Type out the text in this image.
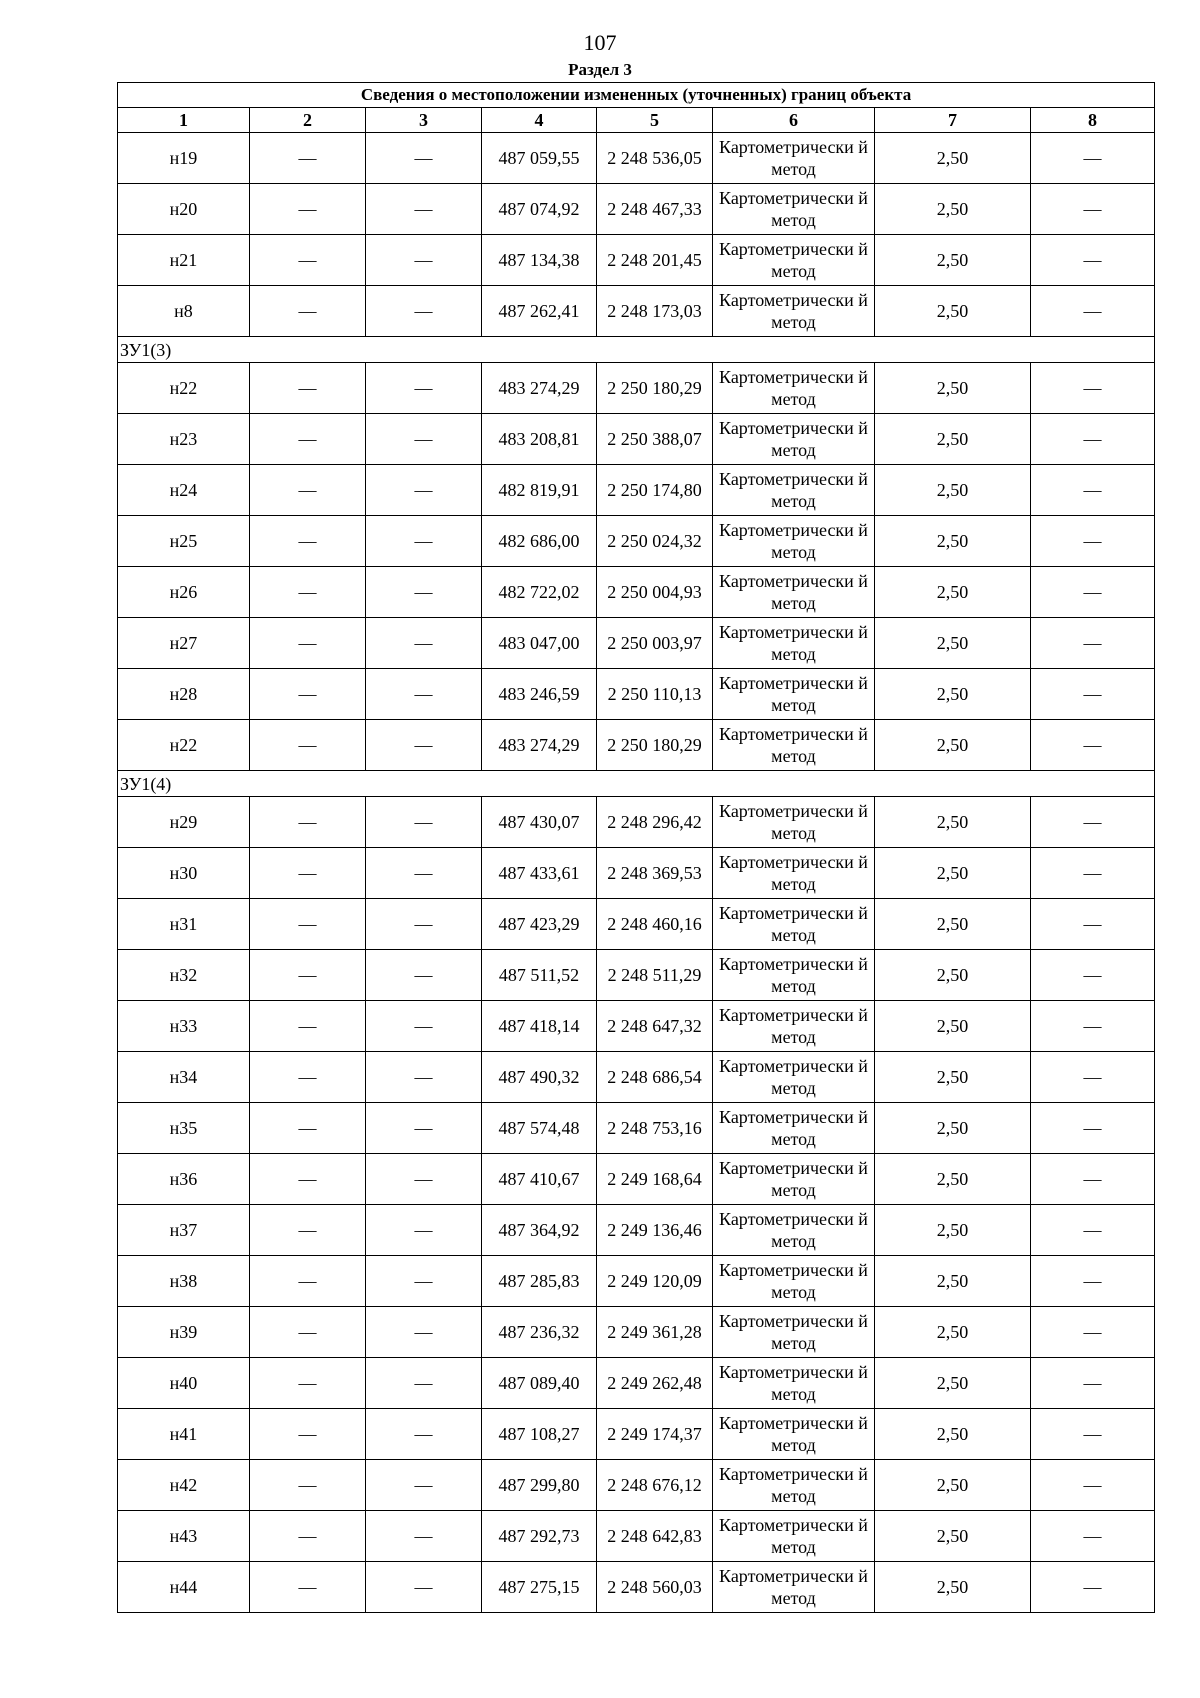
107
Раздел 3
Сведения о местоположении измененных (уточненных) границ объекта							
1	2	3	4	5	6	7	8
н19	—	—	487 059,55	2 248 536,05	Картометрически й метод	2,50	—
н20	—	—	487 074,92	2 248 467,33	Картометрически й метод	2,50	—
н21	—	—	487 134,38	2 248 201,45	Картометрически й метод	2,50	—
н8	—	—	487 262,41	2 248 173,03	Картометрически й метод	2,50	—
ЗУ1(3)							
н22	—	—	483 274,29	2 250 180,29	Картометрически й метод	2,50	—
н23	—	—	483 208,81	2 250 388,07	Картометрически й метод	2,50	—
н24	—	—	482 819,91	2 250 174,80	Картометрически й метод	2,50	—
н25	—	—	482 686,00	2 250 024,32	Картометрически й метод	2,50	—
н26	—	—	482 722,02	2 250 004,93	Картометрически й метод	2,50	—
н27	—	—	483 047,00	2 250 003,97	Картометрически й метод	2,50	—
н28	—	—	483 246,59	2 250 110,13	Картометрически й метод	2,50	—
н22	—	—	483 274,29	2 250 180,29	Картометрически й метод	2,50	—
ЗУ1(4)							
н29	—	—	487 430,07	2 248 296,42	Картометрически й метод	2,50	—
н30	—	—	487 433,61	2 248 369,53	Картометрически й метод	2,50	—
н31	—	—	487 423,29	2 248 460,16	Картометрически й метод	2,50	—
н32	—	—	487 511,52	2 248 511,29	Картометрически й метод	2,50	—
н33	—	—	487 418,14	2 248 647,32	Картометрически й метод	2,50	—
н34	—	—	487 490,32	2 248 686,54	Картометрически й метод	2,50	—
н35	—	—	487 574,48	2 248 753,16	Картометрически й метод	2,50	—
н36	—	—	487 410,67	2 249 168,64	Картометрически й метод	2,50	—
н37	—	—	487 364,92	2 249 136,46	Картометрически й метод	2,50	—
н38	—	—	487 285,83	2 249 120,09	Картометрически й метод	2,50	—
н39	—	—	487 236,32	2 249 361,28	Картометрически й метод	2,50	—
н40	—	—	487 089,40	2 249 262,48	Картометрически й метод	2,50	—
н41	—	—	487 108,27	2 249 174,37	Картометрически й метод	2,50	—
н42	—	—	487 299,80	2 248 676,12	Картометрически й метод	2,50	—
н43	—	—	487 292,73	2 248 642,83	Картометрически й метод	2,50	—
н44	—	—	487 275,15	2 248 560,03	Картометрически й метод	2,50	—
